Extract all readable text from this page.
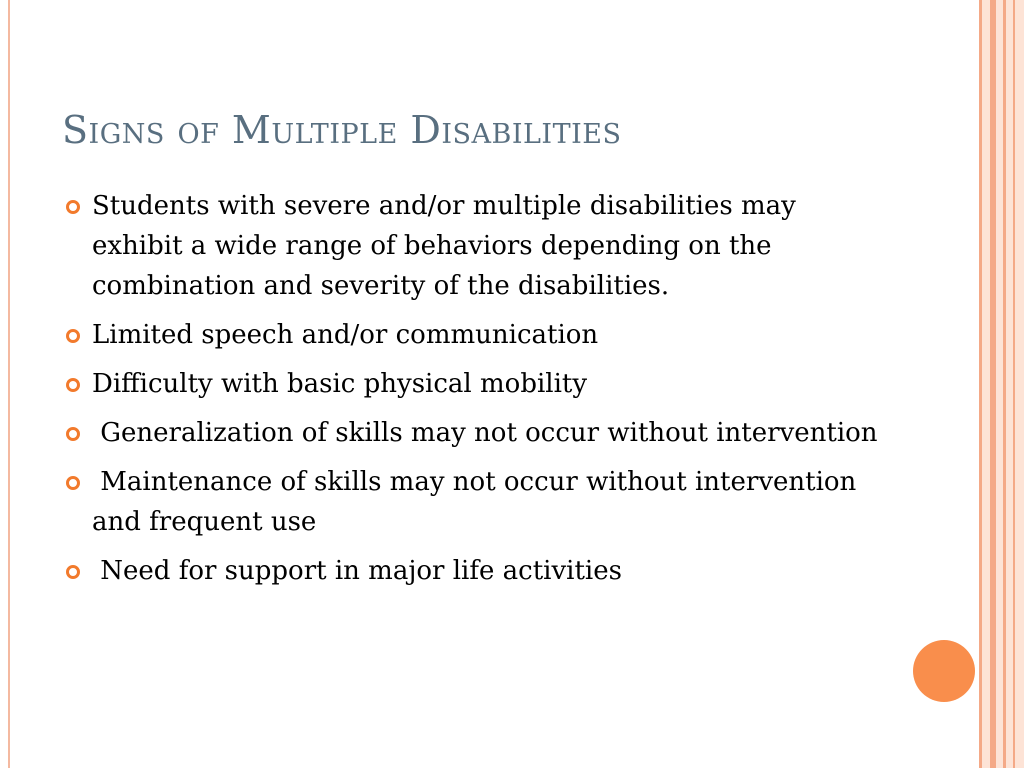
Signs of Multiple Disabilities
Students with severe and/or multiple disabilities may exhibit a wide range of behaviors depending on the combination and severity of the disabilities.
Limited speech and/or communication
Difficulty with basic physical mobility
Generalization of skills may not occur without intervention
Maintenance of skills may not occur without intervention and frequent use
Need for support in major life activities
